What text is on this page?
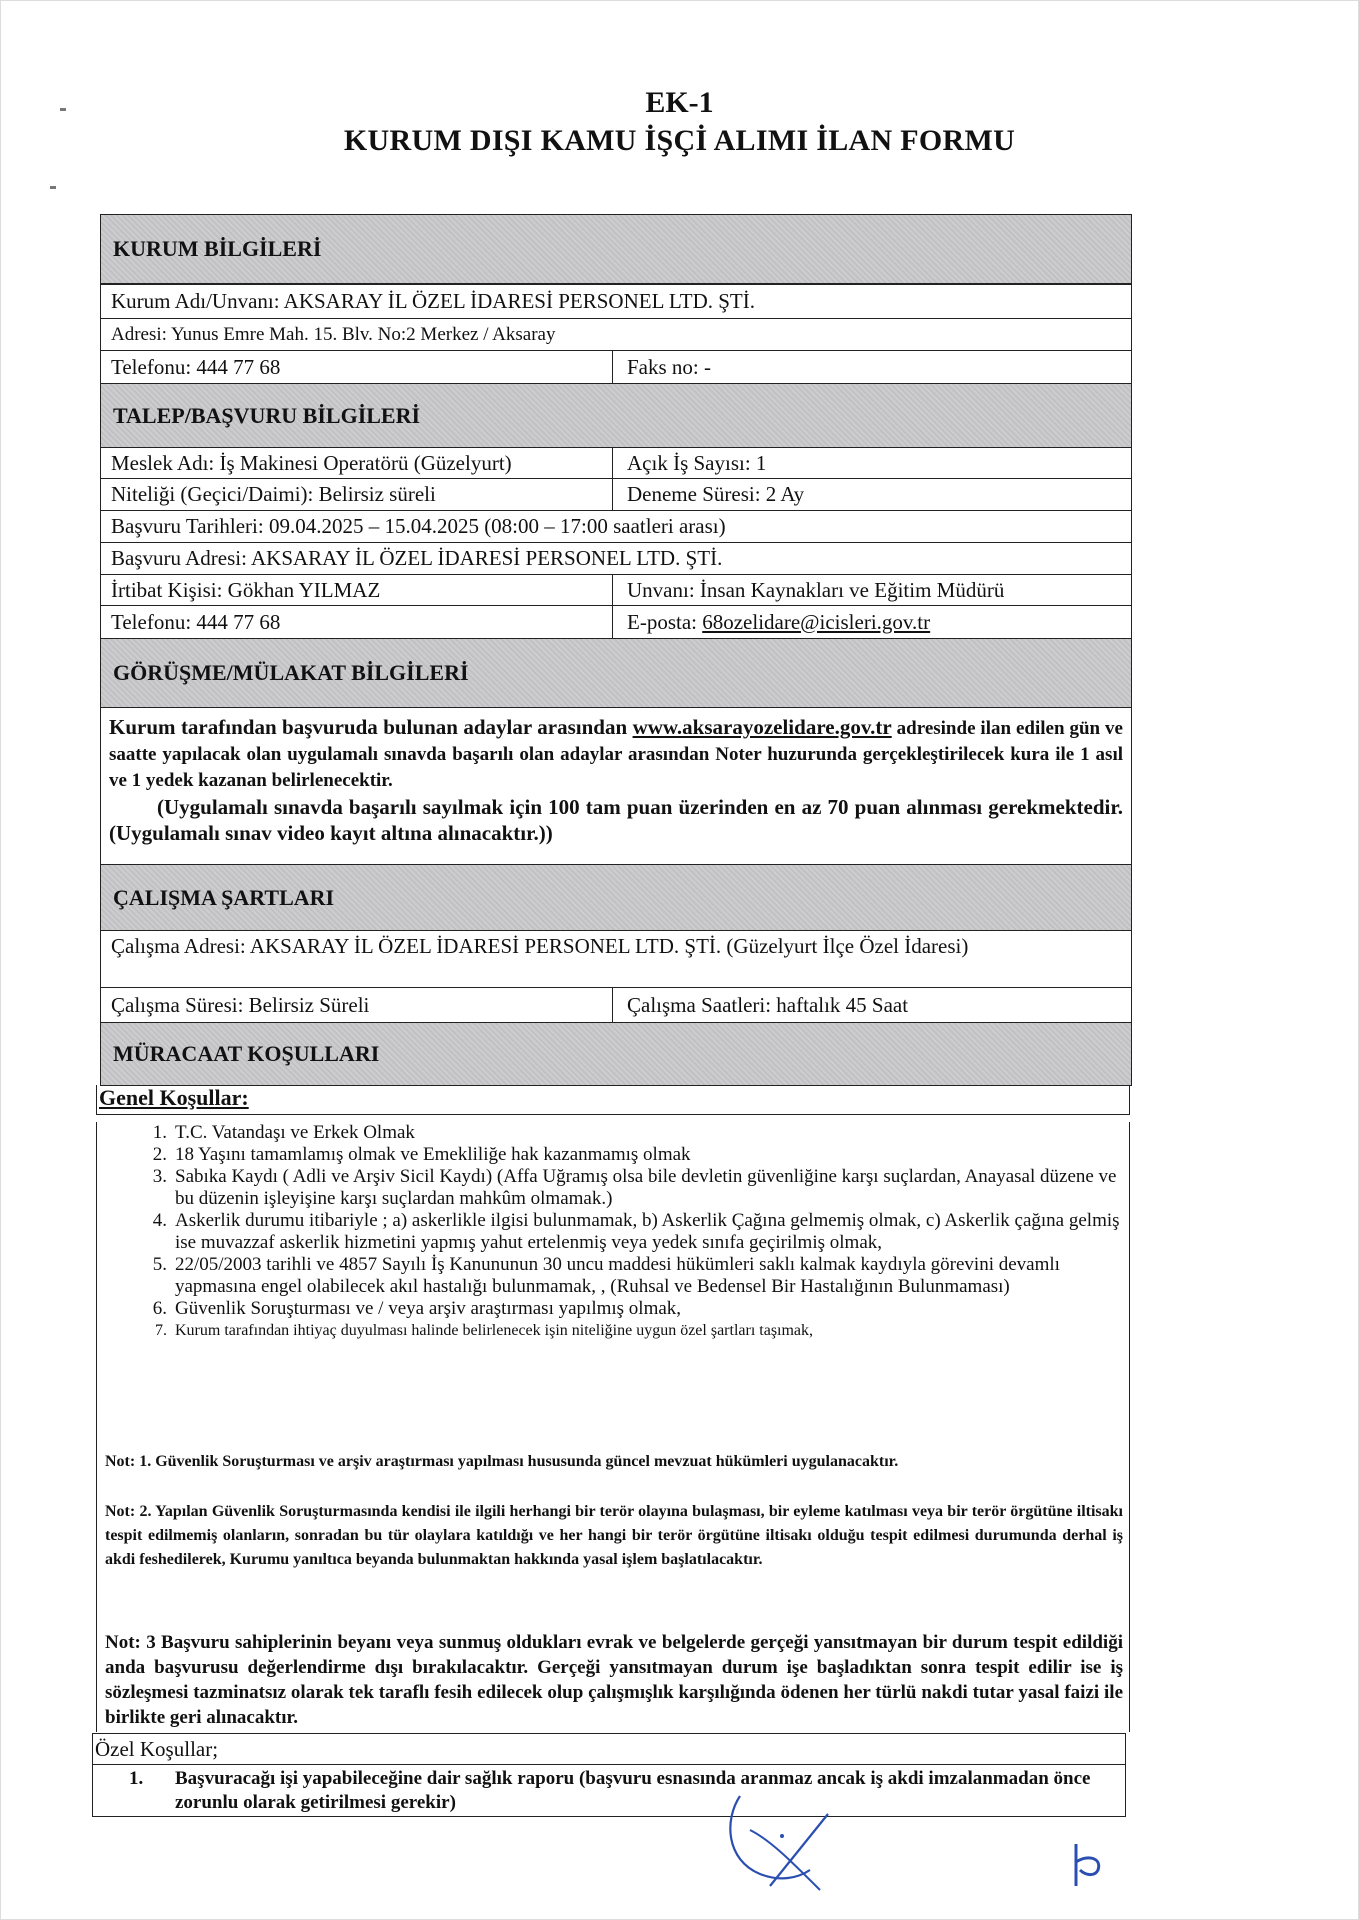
EK-1
KURUM DIŞI KAMU İŞÇİ ALIMI İLAN FORMU
KURUM BİLGİLERİ
Kurum Adı/Unvanı: AKSARAY İL ÖZEL İDARESİ PERSONEL LTD. ŞTİ.
Adresi: Yunus Emre Mah. 15. Blv. No:2 Merkez / Aksaray
Telefonu: 444 77 68	Faks no: -
TALEP/BAŞVURU BİLGİLERİ
Meslek Adı: İş Makinesi Operatörü (Güzelyurt)	Açık İş Sayısı: 1
Niteliği (Geçici/Daimi): Belirsiz süreli	Deneme Süresi: 2 Ay
Başvuru Tarihleri: 09.04.2025 – 15.04.2025 (08:00 – 17:00 saatleri arası)
Başvuru Adresi: AKSARAY İL ÖZEL İDARESİ PERSONEL LTD. ŞTİ.
İrtibat Kişisi: Gökhan YILMAZ	Unvanı: İnsan Kaynakları ve Eğitim Müdürü
Telefonu: 444 77 68	E-posta:
68ozelidare@icisleri.gov.tr
GÖRÜŞME/MÜLAKAT BİLGİLERİ
Kurum tarafından başvuruda bulunan adaylar arasından www.aksarayozelidare.gov.tr adresinde ilan edilen gün ve saatte yapılacak olan uygulamalı sınavda başarılı olan adaylar arasından Noter huzurunda gerçekleştirilecek kura ile 1 asıl ve 1 yedek kazanan belirlenecektir.
(Uygulamalı sınavda başarılı sayılmak için 100 tam puan üzerinden en az 70 puan alınması gerekmektedir. (Uygulamalı sınav video kayıt altına alınacaktır.))
ÇALIŞMA ŞARTLARI
Çalışma Adresi: AKSARAY İL ÖZEL İDARESİ PERSONEL LTD. ŞTİ. (Güzelyurt İlçe Özel İdaresi)
Çalışma Süresi: Belirsiz Süreli	Çalışma Saatleri: haftalık 45 Saat
MÜRACAAT KOŞULLARI
Genel Koşullar:
1. T.C. Vatandaşı ve Erkek Olmak
2. 18 Yaşını tamamlamış olmak ve Emekliliğe hak kazanmamış olmak
3. Sabıka Kaydı ( Adli ve Arşiv Sicil Kaydı) (Affa Uğramış olsa bile devletin güvenliğine karşı suçlardan, Anayasal düzene ve bu düzenin işleyişine karşı suçlardan mahkûm olmamak.)
4. Askerlik durumu itibariyle ; a) askerlikle ilgisi bulunmamak, b) Askerlik Çağına gelmemiş olmak, c) Askerlik çağına gelmiş ise muvazzaf askerlik hizmetini yapmış yahut ertelenmiş veya yedek sınıfa geçirilmiş olmak,
5. 22/05/2003 tarihli ve 4857 Sayılı İş Kanununun 30 uncu maddesi hükümleri saklı kalmak kaydıyla görevini devamlı yapmasına engel olabilecek akıl hastalığı bulunmamak, , (Ruhsal ve Bedensel Bir Hastalığının Bulunmaması)
6. Güvenlik Soruşturması ve / veya arşiv araştırması yapılmış olmak,
7. Kurum tarafından ihtiyaç duyulması halinde belirlenecek işin niteliğine uygun özel şartları taşımak,
Not: 1. Güvenlik Soruşturması ve arşiv araştırması yapılması hususunda güncel mevzuat hükümleri uygulanacaktır.
Not: 2. Yapılan Güvenlik Soruşturmasında kendisi ile ilgili herhangi bir terör olayına bulaşması, bir eyleme katılması veya bir terör örgütüne iltisakı tespit edilmemiş olanların, sonradan bu tür olaylara katıldığı ve her hangi bir terör örgütüne iltisakı olduğu tespit edilmesi durumunda derhal iş akdi feshedilerek, Kurumu yanıltıca beyanda bulunmaktan hakkında yasal işlem başlatılacaktır.
Not: 3 Başvuru sahiplerinin beyanı veya sunmuş oldukları evrak ve belgelerde gerçeği yansıtmayan bir durum tespit edildiği anda başvurusu değerlendirme dışı bırakılacaktır. Gerçeği yansıtmayan durum işe başladıktan sonra tespit edilir ise iş sözleşmesi tazminatsız olarak tek taraflı fesih edilecek olup çalışmışlık karşılığında ödenen her türlü nakdi tutar yasal faizi ile birlikte geri alınacaktır.
Özel Koşullar;
1. Başvuracağı işi yapabileceğine dair sağlık raporu (başvuru esnasında aranmaz ancak iş akdi imzalanmadan önce zorunlu olarak getirilmesi gerekir)
